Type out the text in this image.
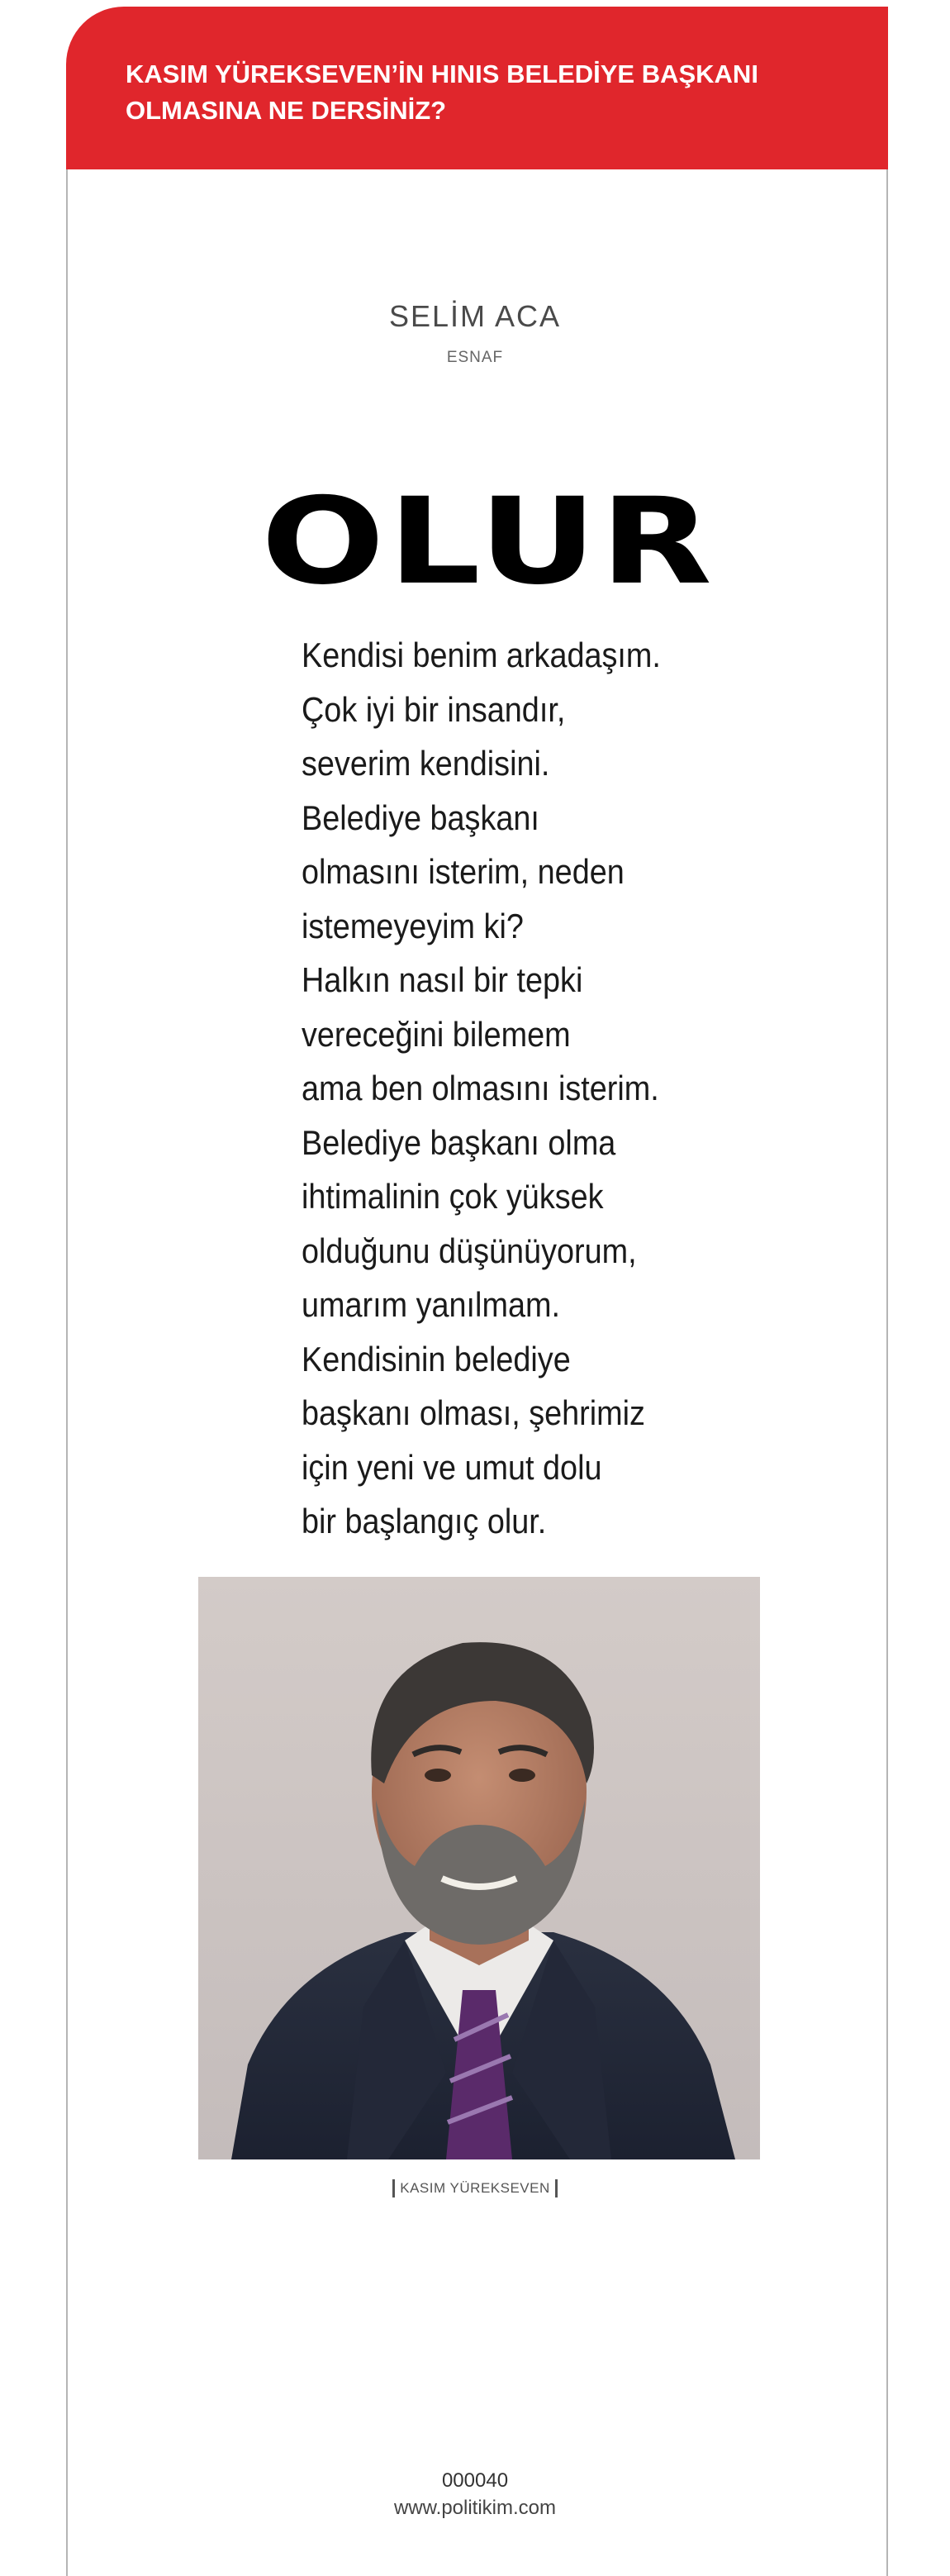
KASIM YÜREKSEVEN’İN HINIS BELEDİYE BAŞKANI
OLMASINA NE DERSİNİZ?
SELİM ACA
ESNAF
OLUR
Kendisi benim arkadaşım.
Çok iyi bir insandır,
severim kendisini.
Belediye başkanı
olmasını isterim, neden
istemeyeyim ki?
Halkın nasıl bir tepki
vereceğini bilemem
ama ben olmasını isterim.
Belediye başkanı olma
ihtimalinin çok yüksek
olduğunu düşünüyorum,
umarım yanılmam.
Kendisinin belediye
başkanı olması, şehrimiz
için yeni ve umut dolu
bir başlangıç olur.
KASIM YÜREKSEVEN
000040
www.politikim.com
